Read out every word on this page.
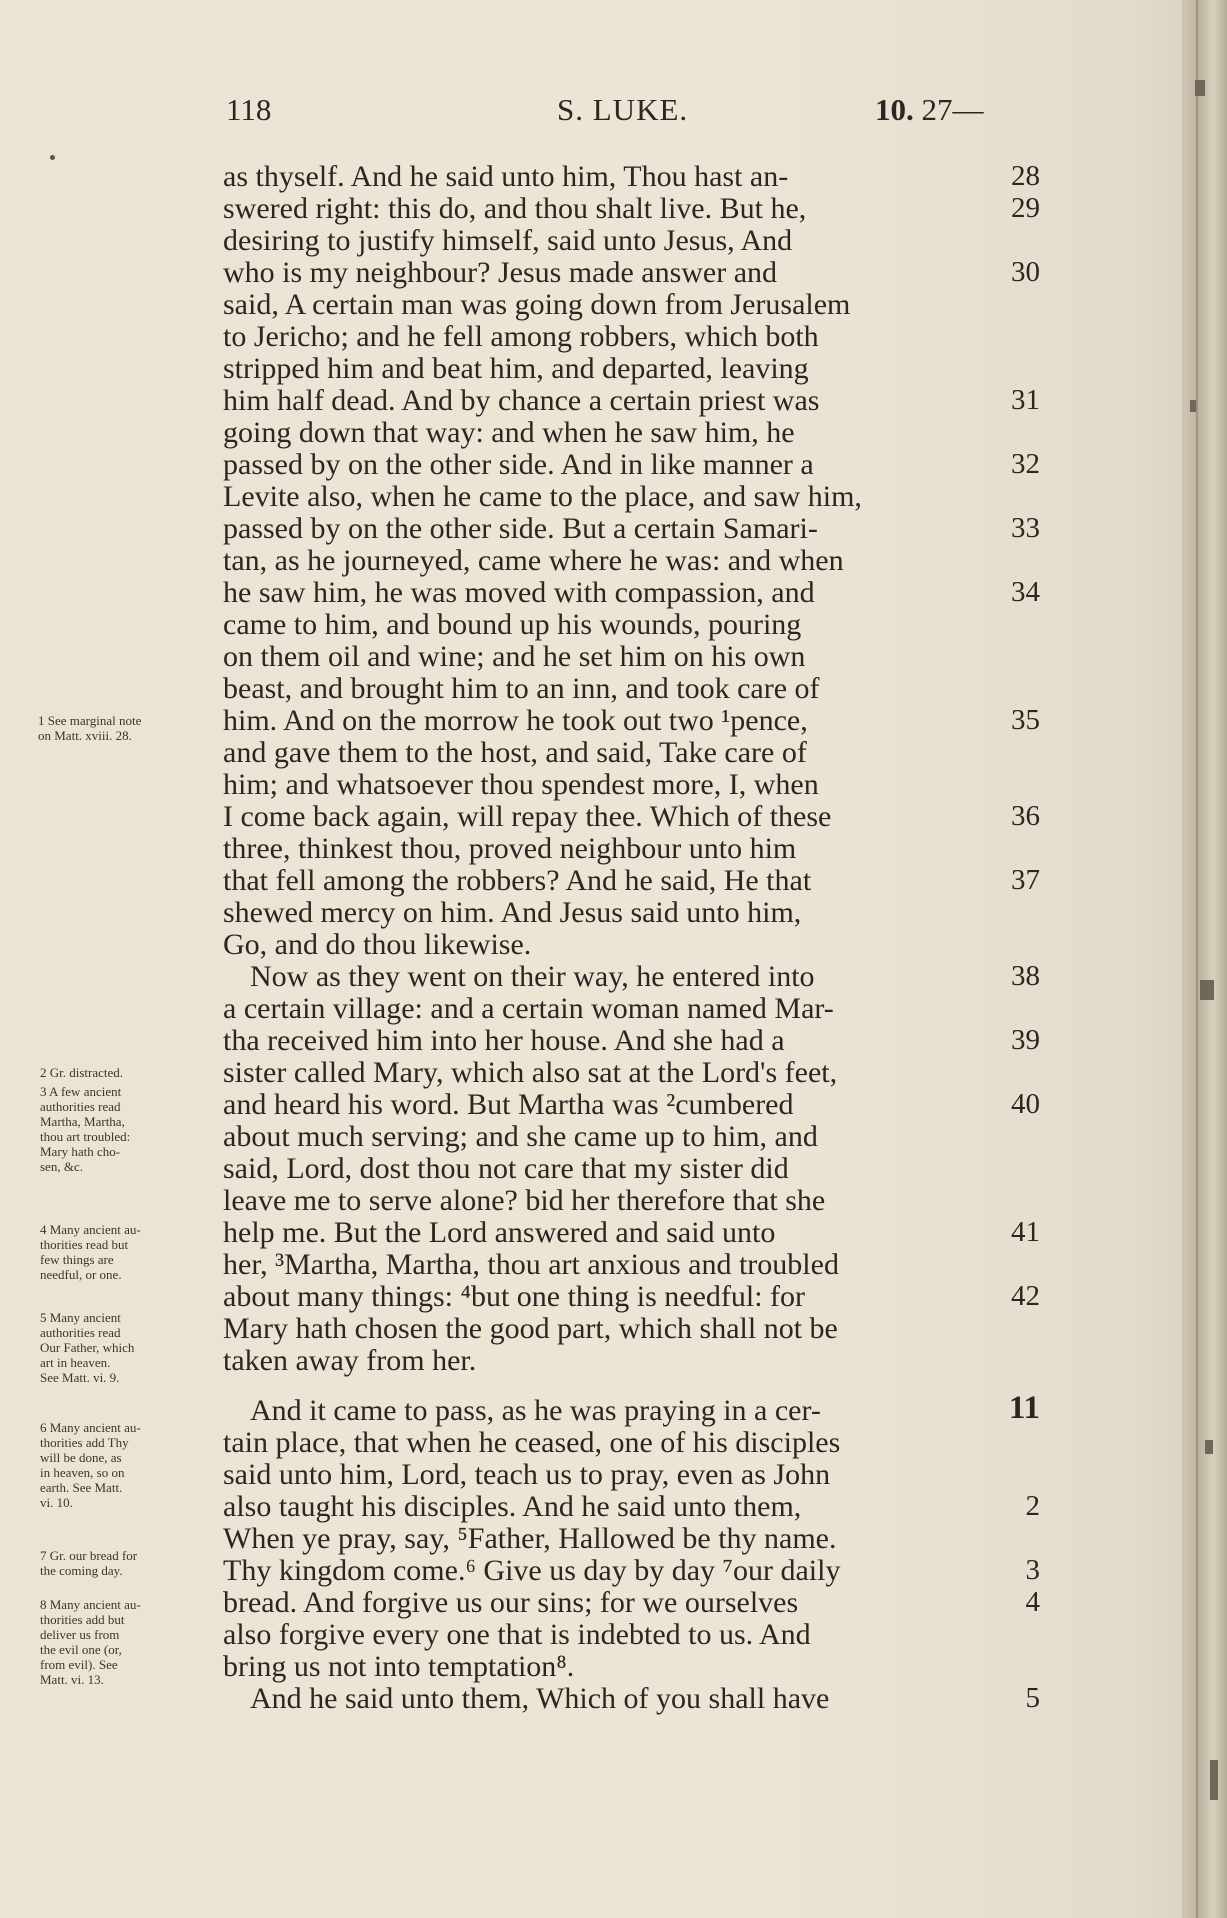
118	S. LUKE.	10. 27—
as thyself. And he said unto him, Thou hast an-
swered right: this do, and thou shalt live. But he,
desiring to justify himself, said unto Jesus, And
who is my neighbour? Jesus made answer and
said, A certain man was going down from Jerusalem
to Jericho; and he fell among robbers, which both
stripped him and beat him, and departed, leaving
him half dead. And by chance a certain priest was
going down that way: and when he saw him, he
passed by on the other side. And in like manner a
Levite also, when he came to the place, and saw him,
passed by on the other side. But a certain Samari-
tan, as he journeyed, came where he was: and when
he saw him, he was moved with compassion, and
came to him, and bound up his wounds, pouring
on them oil and wine; and he set him on his own
beast, and brought him to an inn, and took care of
him. And on the morrow he took out two ¹pence,
and gave them to the host, and said, Take care of
him; and whatsoever thou spendest more, I, when
I come back again, will repay thee. Which of these
three, thinkest thou, proved neighbour unto him
that fell among the robbers? And he said, He that
shewed mercy on him. And Jesus said unto him,
Go, and do thou likewise.
Now as they went on their way, he entered into
a certain village: and a certain woman named Mar-
tha received him into her house. And she had a
sister called Mary, which also sat at the Lord's feet,
and heard his word. But Martha was ²cumbered
about much serving; and she came up to him, and
said, Lord, dost thou not care that my sister did
leave me to serve alone? bid her therefore that she
help me. But the Lord answered and said unto
her, ³Martha, Martha, thou art anxious and troubled
about many things: ⁴but one thing is needful: for
Mary hath chosen the good part, which shall not be
taken away from her.
And it came to pass, as he was praying in a cer-
tain place, that when he ceased, one of his disciples
said unto him, Lord, teach us to pray, even as John
also taught his disciples. And he said unto them,
When ye pray, say, ⁵Father, Hallowed be thy name.
Thy kingdom come.⁶ Give us day by day ⁷our daily
bread. And forgive us our sins; for we ourselves
also forgive every one that is indebted to us. And
bring us not into temptation⁸.
And he said unto them, Which of you shall have
28
29
30
31
32
33
34
35
36
37
38
39
40
41
42
11
2
3
4
5
1 See marginal note
on Matt. xviii. 28.
2 Gr. distracted.
3 A few ancient
authorities read
Martha, Martha,
thou art troubled:
Mary hath cho-
sen, &c.
4 Many ancient au-
thorities read but
few things are
needful, or one.
5 Many ancient
authorities read
Our Father, which
art in heaven.
See Matt. vi. 9.
6 Many ancient au-
thorities add Thy
will be done, as
in heaven, so on
earth. See Matt.
vi. 10.
7 Gr. our bread for
the coming day.
8 Many ancient au-
thorities add but
deliver us from
the evil one (or,
from evil). See
Matt. vi. 13.
